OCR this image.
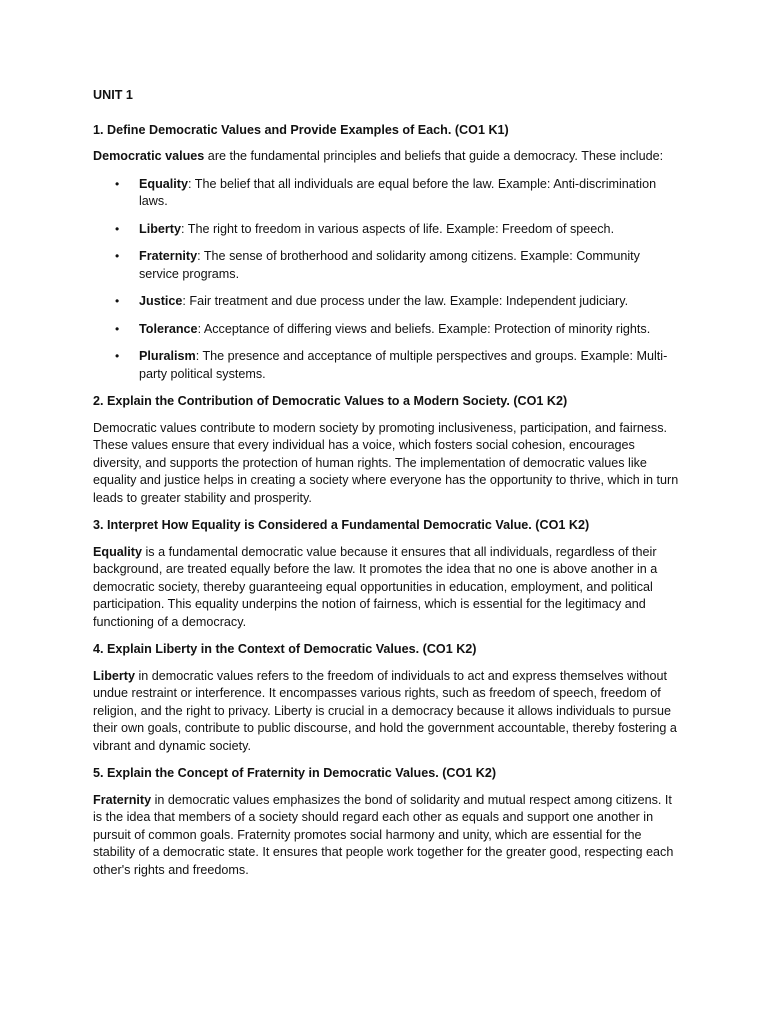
UNIT 1
1. Define Democratic Values and Provide Examples of Each. (CO1 K1)

Democratic values are the fundamental principles and beliefs that guide a democracy. These include:

• Equality: The belief that all individuals are equal before the law. Example: Anti-discrimination laws.
• Liberty: The right to freedom in various aspects of life. Example: Freedom of speech.
• Fraternity: The sense of brotherhood and solidarity among citizens. Example: Community service programs.
• Justice: Fair treatment and due process under the law. Example: Independent judiciary.
• Tolerance: Acceptance of differing views and beliefs. Example: Protection of minority rights.
• Pluralism: The presence and acceptance of multiple perspectives and groups. Example: Multi-party political systems.
2. Explain the Contribution of Democratic Values to a Modern Society. (CO1 K2)

Democratic values contribute to modern society by promoting inclusiveness, participation, and fairness. These values ensure that every individual has a voice, which fosters social cohesion, encourages diversity, and supports the protection of human rights. The implementation of democratic values like equality and justice helps in creating a society where everyone has the opportunity to thrive, which in turn leads to greater stability and prosperity.

3. Interpret How Equality is Considered a Fundamental Democratic Value. (CO1 K2)

Equality is a fundamental democratic value because it ensures that all individuals, regardless of their background, are treated equally before the law. It promotes the idea that no one is above another in a democratic society, thereby guaranteeing equal opportunities in education, employment, and political participation. This equality underpins the notion of fairness, which is essential for the legitimacy and functioning of a democracy.

4. Explain Liberty in the Context of Democratic Values. (CO1 K2)

Liberty in democratic values refers to the freedom of individuals to act and express themselves without undue restraint or interference. It encompasses various rights, such as freedom of speech, freedom of religion, and the right to privacy. Liberty is crucial in a democracy because it allows individuals to pursue their own goals, contribute to public discourse, and hold the government accountable, thereby fostering a vibrant and dynamic society.

5. Explain the Concept of Fraternity in Democratic Values. (CO1 K2)

Fraternity in democratic values emphasizes the bond of solidarity and mutual respect among citizens. It is the idea that members of a society should regard each other as equals and support one another in pursuit of common goals. Fraternity promotes social harmony and unity, which are essential for the stability of a democratic state. It ensures that people work together for the greater good, respecting each other's rights and freedoms.
